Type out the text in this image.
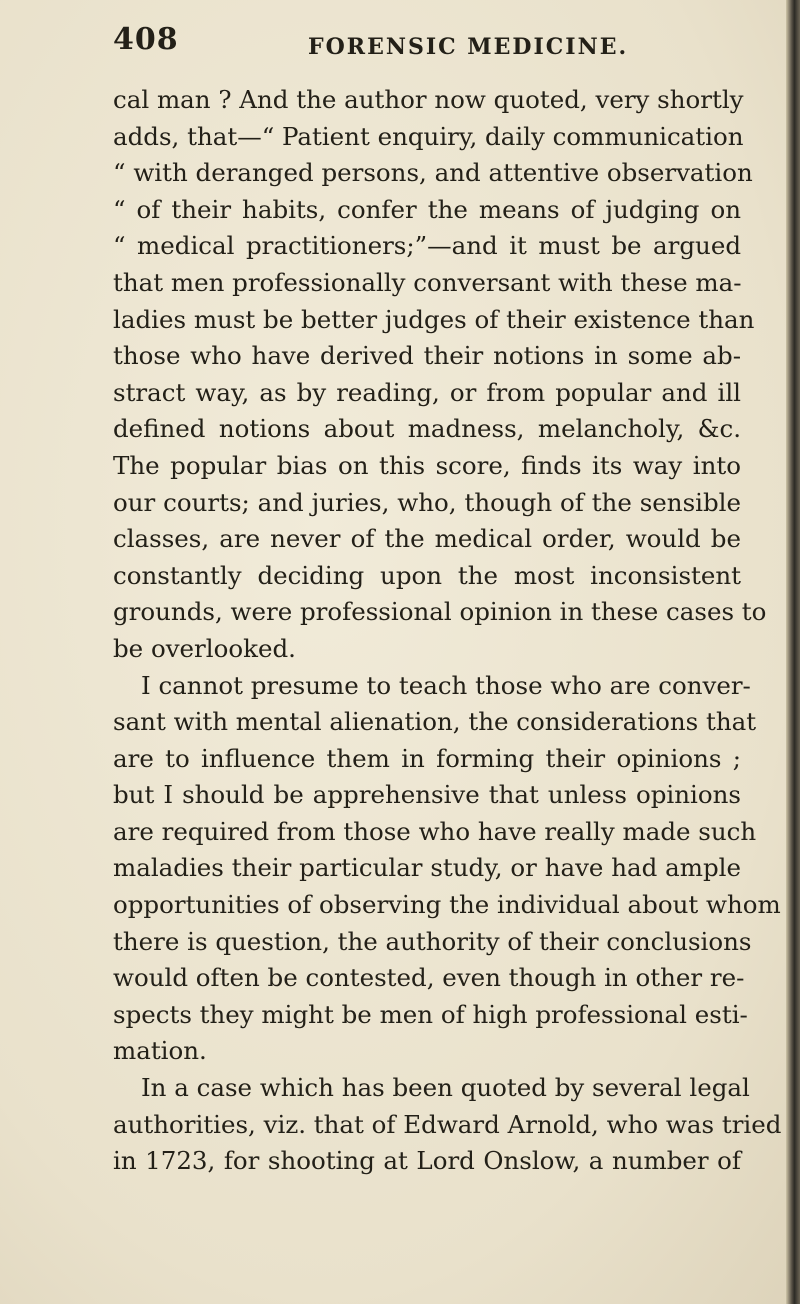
408	FORENSIC MEDICINE.
cal man ? And the author now quoted, very shortly
adds, that—“ Patient enquiry, daily communication
“ with deranged persons, and attentive observation
“ of their habits, confer the means of judging on
“ medical practitioners;”—and it must be argued
that men professionally conversant with these ma-
ladies must be better judges of their existence than
those who have derived their notions in some ab-
stract way, as by reading, or from popular and ill
defined notions about madness, melancholy, &c.
The popular bias on this score, finds its way into
our courts; and juries, who, though of the sensible
classes, are never of the medical order, would be
constantly deciding upon the most inconsistent
grounds, were professional opinion in these cases to
be overlooked.
I cannot presume to teach those who are conver-
sant with mental alienation, the considerations that
are to influence them in forming their opinions ;
but I should be apprehensive that unless opinions
are required from those who have really made such
maladies their particular study, or have had ample
opportunities of observing the individual about whom
there is question, the authority of their conclusions
would often be contested, even though in other re-
spects they might be men of high professional esti-
mation.
In a case which has been quoted by several legal
authorities, viz. that of Edward Arnold, who was tried
in 1723, for shooting at Lord Onslow, a number of
